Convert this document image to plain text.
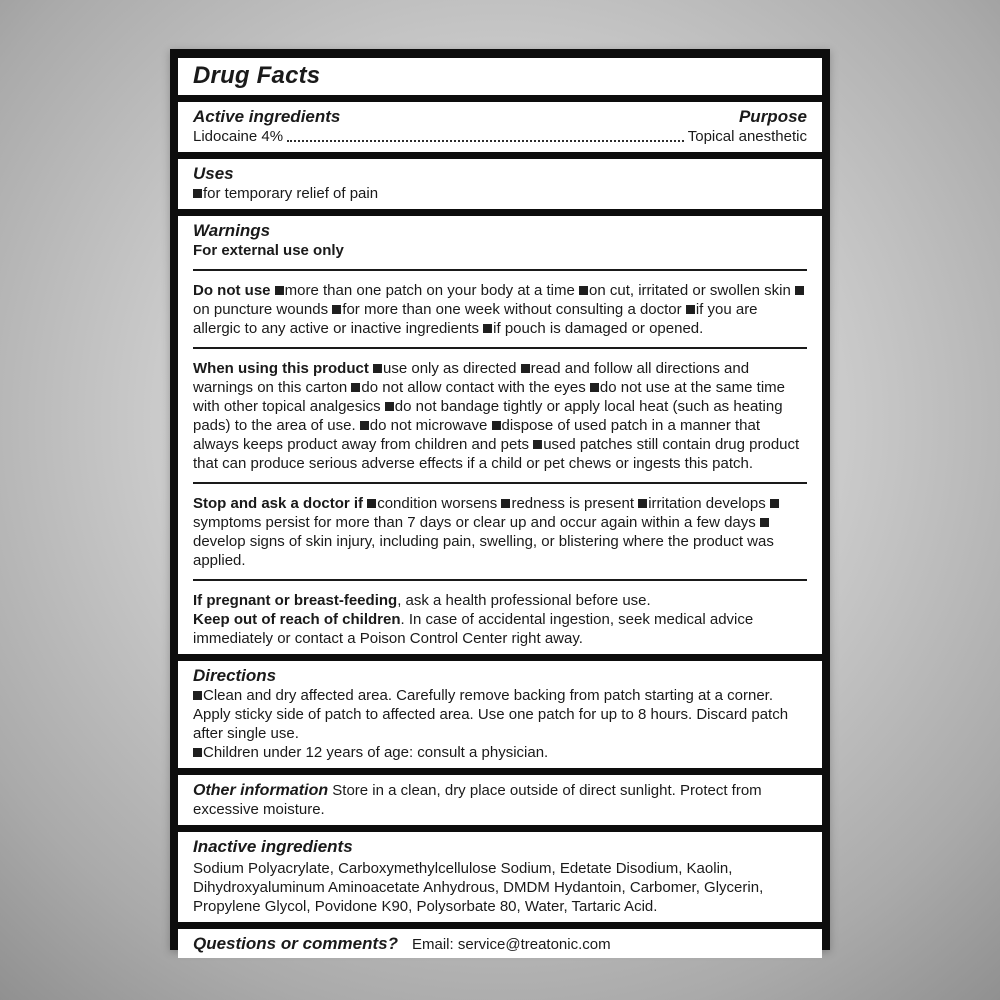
Drug Facts
Active ingredients	Purpose
Lidocaine 4%	Topical anesthetic
Uses
for temporary relief of pain
Warnings

For external use only

Do not use more than one patch on your body at a time on cut, irritated or swollen skin on puncture wounds for more than one week without consulting a doctor if you are allergic to any active or inactive ingredients if pouch is damaged or opened.

When using this product use only as directed read and follow all directions and warnings on this carton do not allow contact with the eyes do not use at the same time with other topical analgesics do not bandage tightly or apply local heat (such as heating pads) to the area of use. do not microwave dispose of used patch in a manner that always keeps product away from children and pets used patches still contain drug product that can produce serious adverse effects if a child or pet chews or ingests this patch.

Stop and ask a doctor if condition worsens redness is present irritation develops symptoms persist for more than 7 days or clear up and occur again within a few days develop signs of skin injury, including pain, swelling, or blistering where the product was applied.

If pregnant or breast-feeding, ask a health professional before use.

Keep out of reach of children. In case of accidental ingestion, seek medical advice immediately or contact a Poison Control Center right away.

Directions
Clean and dry affected area. Carefully remove backing from patch starting at a corner. Apply sticky side of patch to affected area. Use one patch for up to 8 hours. Discard patch after single use.
Children under 12 years of age: consult a physician.

Other information Store in a clean, dry place outside of direct sunlight. Protect from excessive moisture.

Inactive ingredients

Sodium Polyacrylate, Carboxymethylcellulose Sodium, Edetate Disodium, Kaolin, Dihydroxyaluminum Aminoacetate Anhydrous, DMDM Hydantoin, Carbomer, Glycerin, Propylene Glycol, Povidone K90, Polysorbate 80, Water, Tartaric Acid.

Questions or comments? Email: service@treatonic.com
